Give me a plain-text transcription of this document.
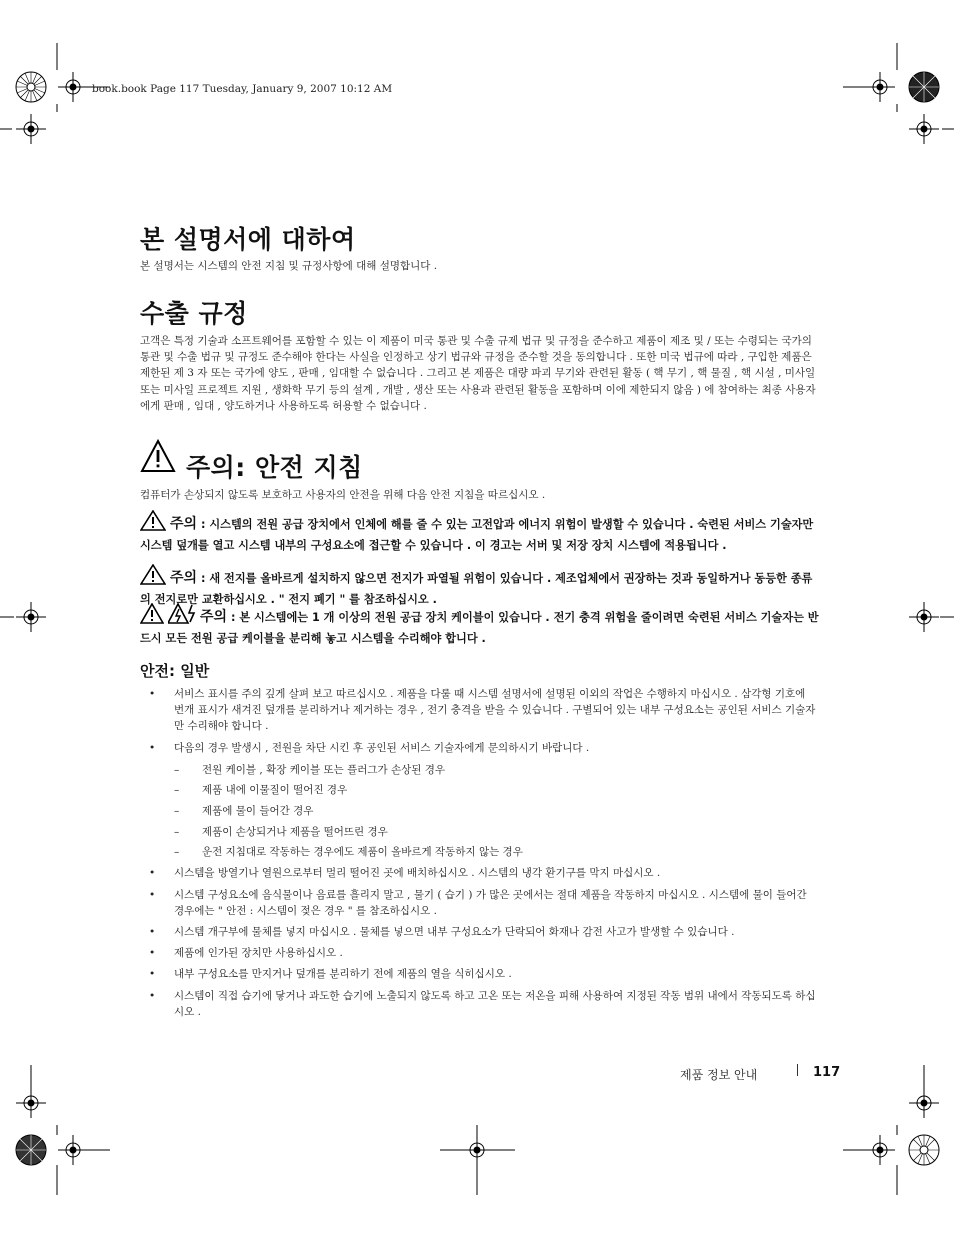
book.book Page 117 Tuesday, January 9, 2007 10:12 AM
본 설명서에 대하여
본 설명서는 시스템의 안전 지침 및 규정사항에 대해 설명합니다 .
수출 규정
고객은 특정 기술과 소프트웨어를 포함할 수 있는 이 제품이 미국 통관 및 수출 규제 법규 및 규정을 준수하고 제품이 제조 및 / 또는 수령되는 국가의 통관 및 수출 법규 및 규정도 준수해야 한다는 사실을 인정하고 상기 법규와 규정을 준수할 것을 동의합니다 . 또한 미국 법규에 따라 , 구입한 제품은 제한된 제 3 자 또는 국가에 양도 , 판매 , 임대할 수 없습니다 . 그리고 본 제품은 대량 파괴 무기와 관련된 활동 ( 핵 무기 , 핵 물질 , 핵 시설 , 미사일 또는 미사일 프로젝트 지원 , 생화학 무기 등의 설계 , 개발 , 생산 또는 사용과 관련된 활동을 포함하며 이에 제한되지 않음 ) 에 참여하는 최종 사용자에게 판매 , 임대 , 양도하거나 사용하도록 허용할 수 없습니다 .
주의: 안전 지침
컴퓨터가 손상되지 않도록 보호하고 사용자의 안전을 위해 다음 안전 지침을 따르십시오 .
주의 : 시스템의 전원 공급 장치에서 인체에 해를 줄 수 있는 고전압과 에너지 위험이 발생할 수 있습니다 . 숙련된 서비스 기술자만 시스템 덮개를 열고 시스템 내부의 구성요소에 접근할 수 있습니다 . 이 경고는 서버 및 저장 장치 시스템에 적용됩니다 .
주의 : 새 전지를 올바르게 설치하지 않으면 전지가 파열될 위험이 있습니다 . 제조업체에서 권장하는 것과 동일하거나 동등한 종류의 전지로만 교환하십시오 . " 전지 폐기 " 를 참조하십시오 .
주의 : 본 시스템에는 1 개 이상의 전원 공급 장치 케이블이 있습니다 . 전기 충격 위험을 줄이려면 숙련된 서비스 기술자는 반드시 모든 전원 공급 케이블을 분리해 놓고 시스템을 수리해야 합니다 .
안전: 일반
• 서비스 표시를 주의 깊게 살펴 보고 따르십시오 . 제품을 다룰 때 시스템 설명서에 설명된 이외의 작업은 수행하지 마십시오 . 삼각형 기호에 번개 표시가 새겨진 덮개를 분리하거나 제거하는 경우 , 전기 충격을 받을 수 있습니다 . 구별되어 있는 내부 구성요소는 공인된 서비스 기술자만 수리해야 합니다 .
• 다음의 경우 발생시 , 전원을 차단 시킨 후 공인된 서비스 기술자에게 문의하시기 바랍니다 .
– 전원 케이블 , 확장 케이블 또는 플러그가 손상된 경우
– 제품 내에 이물질이 떨어진 경우
– 제품에 물이 들어간 경우
– 제품이 손상되거나 제품을 떨어뜨린 경우
– 운전 지침대로 작동하는 경우에도 제품이 올바르게 작동하지 않는 경우
• 시스템을 방열기나 열원으로부터 멀리 떨어진 곳에 배치하십시오 . 시스템의 냉각 환기구를 막지 마십시오 .
• 시스템 구성요소에 음식물이나 음료를 흘리지 말고 , 물기 ( 습기 ) 가 많은 곳에서는 절대 제품을 작동하지 마십시오 . 시스템에 물이 들어간 경우에는 " 안전 : 시스템이 젖은 경우 " 를 참조하십시오 .
• 시스템 개구부에 물체를 넣지 마십시오 . 물체를 넣으면 내부 구성요소가 단락되어 화재나 감전 사고가 발생할 수 있습니다 .
• 제품에 인가된 장치만 사용하십시오 .
• 내부 구성요소를 만지거나 덮개를 분리하기 전에 제품의 열을 식히십시오 .
• 시스템이 직접 습기에 닿거나 과도한 습기에 노출되지 않도록 하고 고온 또는 저온을 피해 사용하여 지정된 작동 범위 내에서 작동되도록 하십시오 .
제품 정보 안내	117
